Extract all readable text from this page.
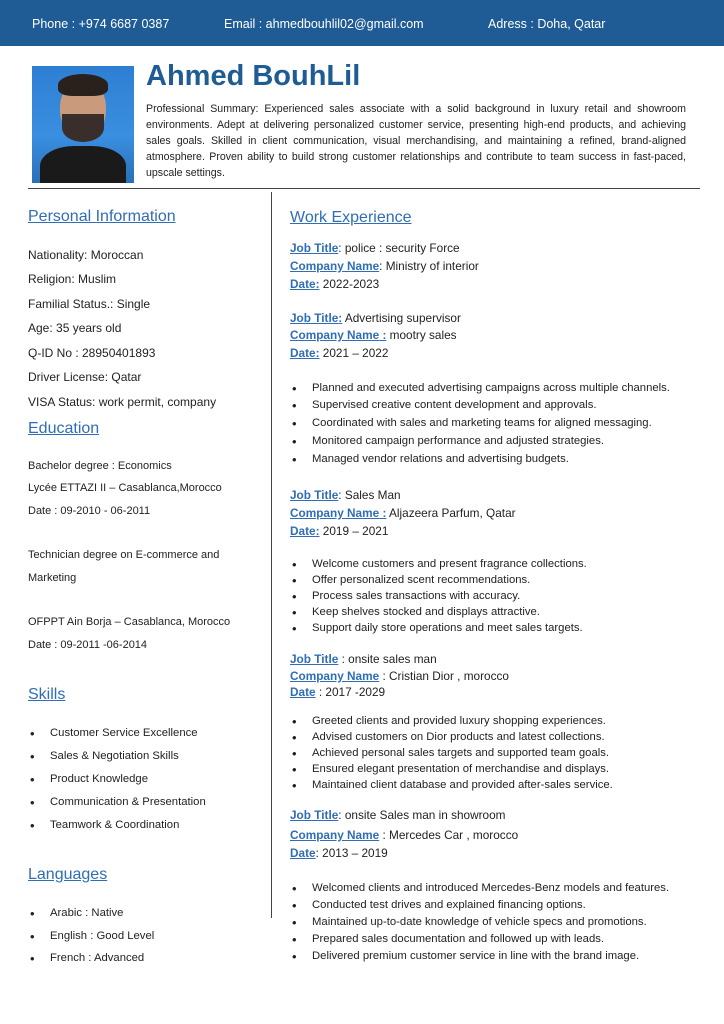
Phone : +974 6687 0387	Email : ahmedbouhlil02@gmail.com	Adress : Doha, Qatar
Ahmed BouhLil
Professional Summary: Experienced sales associate with a solid background in luxury retail and showroom environments. Adept at delivering personalized customer service, presenting high-end products, and achieving sales goals. Skilled in client communication, visual merchandising, and maintaining a refined, brand-aligned atmosphere. Proven ability to build strong customer relationships and contribute to team success in fast-paced, upscale settings.
Personal Information
Nationality: Moroccan
Religion: Muslim
Familial Status.: Single
Age: 35 years old
Q-ID No : 28950401893
Driver License: Qatar
VISA Status: work permit, company
Education
Bachelor degree : Economics
Lycée ETTAZI II – Casablanca,Morocco
Date : 09-2010 - 06-2011
Technician degree on E-commerce and
Marketing
OFPPT Ain Borja – Casablanca, Morocco
Date : 09-2011 -06-2014
Skills
• Customer Service Excellence
• Sales & Negotiation Skills
• Product Knowledge
• Communication & Presentation
• Teamwork & Coordination
Languages
• Arabic : Native
• English : Good Level
• French : Advanced
Work Experience
Job Title: police : security Force
Company Name: Ministry of interior
Date: 2022-2023
Job Title: Advertising supervisor
Company Name : mootry sales
Date: 2021 – 2022
• Planned and executed advertising campaigns across multiple channels.
• Supervised creative content development and approvals.
• Coordinated with sales and marketing teams for aligned messaging.
• Monitored campaign performance and adjusted strategies.
• Managed vendor relations and advertising budgets.
Job Title: Sales Man
Company Name : Aljazeera Parfum, Qatar
Date: 2019 – 2021
• Welcome customers and present fragrance collections.
• Offer personalized scent recommendations.
• Process sales transactions with accuracy.
• Keep shelves stocked and displays attractive.
• Support daily store operations and meet sales targets.
Job Title : onsite sales man
Company Name : Cristian Dior , morocco
Date : 2017 -2029
• Greeted clients and provided luxury shopping experiences.
• Advised customers on Dior products and latest collections.
• Achieved personal sales targets and supported team goals.
• Ensured elegant presentation of merchandise and displays.
• Maintained client database and provided after-sales service.
Job Title: onsite Sales man in showroom
Company Name : Mercedes Car , morocco
Date: 2013 – 2019
• Welcomed clients and introduced Mercedes-Benz models and features.
• Conducted test drives and explained financing options.
• Maintained up-to-date knowledge of vehicle specs and promotions.
• Prepared sales documentation and followed up with leads.
• Delivered premium customer service in line with the brand image.
